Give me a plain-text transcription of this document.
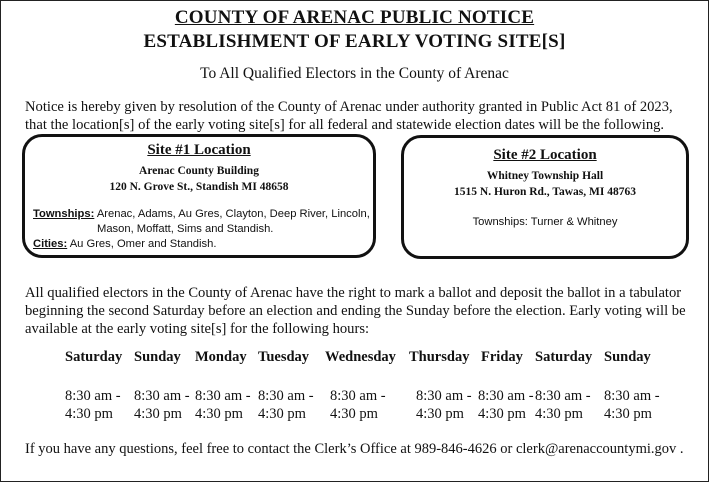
COUNTY OF ARENAC PUBLIC NOTICE
ESTABLISHMENT OF EARLY VOTING SITE[S]
To All Qualified Electors in the County of Arenac
Notice is hereby given by resolution of the County of Arenac under authority granted in Public Act 81 of 2023,
that the location[s] of the early voting site[s] for all federal and statewide election dates will be the following.
Site #1 Location
Arenac County Building
120 N. Grove St., Standish MI 48658
Townships: Arenac, Adams, Au Gres, Clayton, Deep River, Lincoln,
Mason, Moffatt, Sims and Standish.
Cities: Au Gres, Omer and Standish.
Site #2 Location
Whitney Township Hall
1515 N. Huron Rd., Tawas, MI 48763
Townships: Turner & Whitney
All qualified electors in the County of Arenac have the right to mark a ballot and deposit the ballot in a tabulator
beginning the second Saturday before an election and ending the Sunday before the election. Early voting will be
available at the early voting site[s] for the following hours:
Saturday
8:30 am -
4:30 pm
Sunday
8:30 am -
4:30 pm
Monday
8:30 am -
4:30 pm
Tuesday
8:30 am -
4:30 pm
Wednesday
8:30 am -
4:30 pm
Thursday
8:30 am -
4:30 pm
Friday
8:30 am -
4:30 pm
Saturday
8:30 am -
4:30 pm
Sunday
8:30 am -
4:30 pm
If you have any questions, feel free to contact the Clerk’s Office at 989-846-4626 or clerk@arenaccountymi.gov .
